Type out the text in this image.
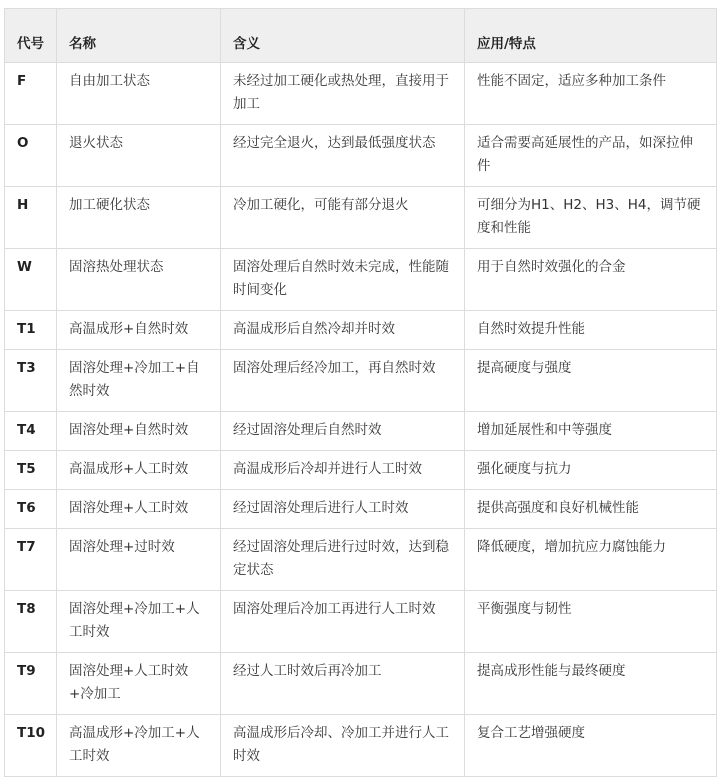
代号	名称	含义	应用/特点
F	自由加工状态	未经过加工硬化或热处理，直接用于加工	性能不固定，适应多种加工条件
O	退火状态	经过完全退火，达到最低强度状态	适合需要高延展性的产品，如深拉伸件
H	加工硬化状态	冷加工硬化，可能有部分退火	可细分为H1、H2、H3、H4，调节硬度和性能
W	固溶热处理状态	固溶处理后自然时效未完成，性能随时间变化	用于自然时效强化的合金
T1	高温成形+自然时效	高温成形后自然冷却并时效	自然时效提升性能
T3	固溶处理+冷加工+自然时效	固溶处理后经冷加工，再自然时效	提高硬度与强度
T4	固溶处理+自然时效	经过固溶处理后自然时效	增加延展性和中等强度
T5	高温成形+人工时效	高温成形后冷却并进行人工时效	强化硬度与抗力
T6	固溶处理+人工时效	经过固溶处理后进行人工时效	提供高强度和良好机械性能
T7	固溶处理+过时效	经过固溶处理后进行过时效，达到稳定状态	降低硬度，增加抗应力腐蚀能力
T8	固溶处理+冷加工+人工时效	固溶处理后冷加工再进行人工时效	平衡强度与韧性
T9	固溶处理+人工时效+冷加工	经过人工时效后再冷加工	提高成形性能与最终硬度
T10	高温成形+冷加工+人工时效	高温成形后冷却、冷加工并进行人工时效	复合工艺增强硬度
